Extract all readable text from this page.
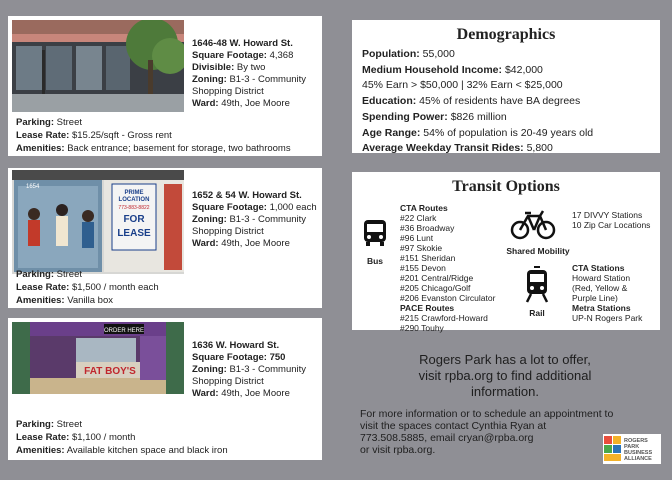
1646-48 W. Howard St.
Square Footage: 4,368
Divisible: By two
Zoning: B1-3 - Community Shopping District
Ward: 49th, Joe Moore
Parking: Street
Lease Rate: $15.25/sqft - Gross rent
Amenities: Back entrance; basement for storage, two bathrooms
PRIME
LOCATION
773-883-8822
FOR
LEASE
1654
1652 & 54 W. Howard St.
Square Footage: 1,000 each
Zoning: B1-3 - Community Shopping District
Ward: 49th, Joe Moore
Parking: Street
Lease Rate: $1,500 / month each
Amenities: Vanilla box
ORDER HERE
FAT BOY'S
1636 W. Howard St.
Square Footage: 750
Zoning: B1-3 - Community Shopping District
Ward: 49th, Joe Moore
Parking: Street
Lease Rate: $1,100 / month
Amenities: Available kitchen space and black iron
Demographics
Population: 55,000
Medium Household Income: $42,000
45% Earn > $50,000 | 32% Earn < $25,000
Education: 45% of residents have BA degrees
Spending Power: $826 million
Age Range: 54% of population is 20-49 years old
Average Weekday Transit Rides: 5,800
Transit Options
Bus
CTA Routes
#22 Clark
#36 Broadway
#96 Lunt
#97 Skokie
#151 Sheridan
#155 Devon
#201 Central/Ridge
#205 Chicago/Golf
#206 Evanston Circulator
PACE Routes
#215 Crawford-Howard
#290 Touhy
Shared Mobility
17 DIVVY Stations
10 Zip Car Locations
Rail
CTA Stations
Howard Station
(Red, Yellow &
Purple Line)
Metra Stations
UP-N Rogers Park
Rogers Park has a lot to offer,
visit rpba.org to find additional
information.
For more information or to schedule an appointment to
visit the spaces contact Cynthia Ryan at
773.508.5885, email cryan@rpba.org
or visit rpba.org.
ROGERS
PARK
BUSINESS
ALLIANCE
